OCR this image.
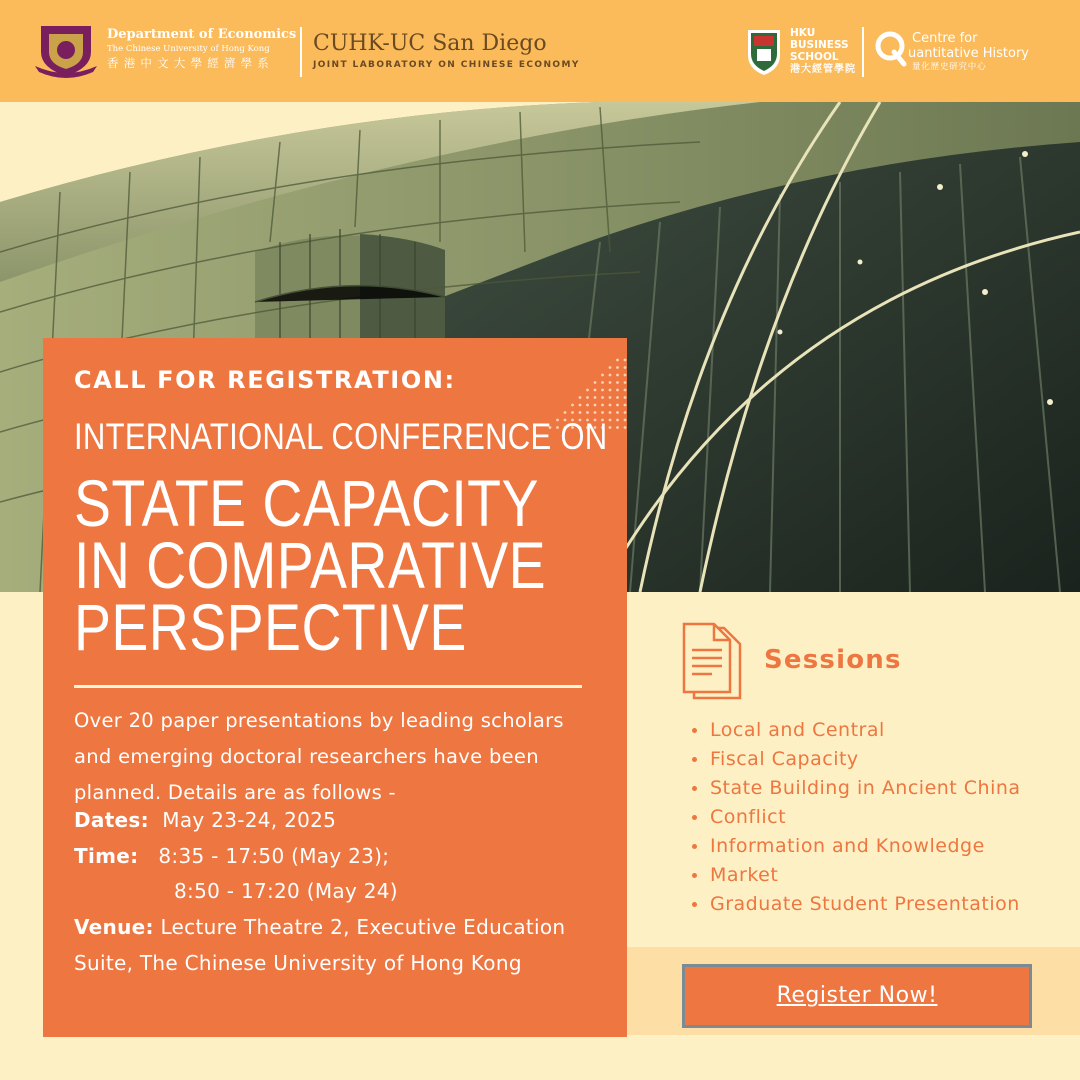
Department of Economics
The Chinese University of Hong Kong
香港中文大學經濟學系
CUHK-UC San Diego
JOINT LABORATORY ON CHINESE ECONOMY
HKU
BUSINESS
SCHOOL
港大經管學院
Centre for
uantitative History
量化歷史研究中心
CALL FOR REGISTRATION:
INTERNATIONAL CONFERENCE ON
STATE CAPACITY
IN COMPARATIVE
PERSPECTIVE
Over 20 paper presentations by leading scholars and emerging doctoral researchers have been planned. Details are as follows -
Dates: May 23-24, 2025
Time: 8:35 - 17:50 (May 23);
8:50 - 17:20 (May 24)
Venue: Lecture Theatre 2, Executive Education Suite, The Chinese University of Hong Kong
Sessions
Local and Central
Fiscal Capacity
State Building in Ancient China
Conflict
Information and Knowledge
Market
Graduate Student Presentation
Register Now!
